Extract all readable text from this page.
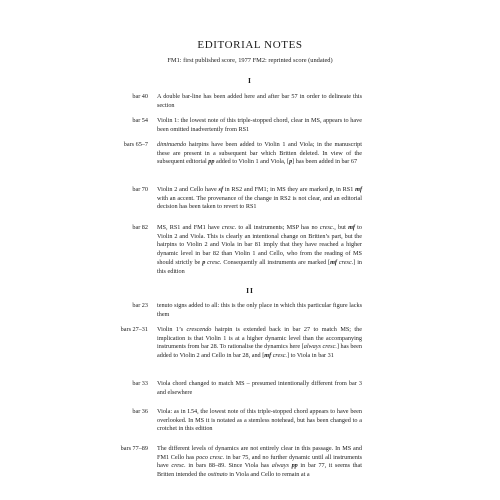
EDITORIAL NOTES
FM1: first published score, 1977 FM2: reprinted score (undated)
I
bar 40 A double bar-line has been added here and after bar 57 in order to delineate this section
bar 54 Violin 1: the lowest note of this triple-stopped chord, clear in MS, appears to have been omitted inadvertently from RS1
bars 65–7 diminuendo hairpins have been added to Violin 1 and Viola; in the manuscript these are present in a subsequent bar which Britten deleted. In view of the subsequent editorial pp added to Violin 1 and Viola, [p] has been added in bar 67
bar 70 Violin 2 and Cello have sf in RS2 and FM1; in MS they are marked p, in RS1 mf with an accent. The provenance of the change in RS2 is not clear, and an editorial decision has been taken to revert to RS1
bar 82 MS, RS1 and FM1 have cresc. to all instruments; MSP has no cresc., but mf to Violin 2 and Viola. This is clearly an intentional change on Britten’s part, but the hairpins to Violin 2 and Viola in bar 81 imply that they have reached a higher dynamic level in bar 82 than Violin 1 and Cello, who from the reading of MS should strictly be p cresc. Consequently all instruments are marked [mf cresc.] in this edition
II
bar 23 tenuto signs added to all: this is the only place in which this particular figure lacks them
bars 27–31 Violin 1’s crescendo hairpin is extended back in bar 27 to match MS; the implication is that Violin 1 is at a higher dynamic level than the accompanying instruments from bar 28. To rationalise the dynamics here [always cresc.] has been added to Violin 2 and Cello in bar 28, and [mf cresc.] to Viola in bar 31
bar 33 Viola chord changed to match MS – presumed intentionally different from bar 3 and elsewhere
bar 36 Viola: as in I.54, the lowest note of this triple-stopped chord appears to have been overlooked. In MS it is notated as a stemless notehead, but has been changed to a crotchet in this edition
bars 77–89 The different levels of dynamics are not entirely clear in this passage. In MS and FM1 Cello has poco cresc. in bar 75, and no further dynamic until all instruments have cresc. in bars 88–89. Since Viola has always pp in bar 77, it seems that Britten intended the ostinato in Viola and Cello to remain at a
